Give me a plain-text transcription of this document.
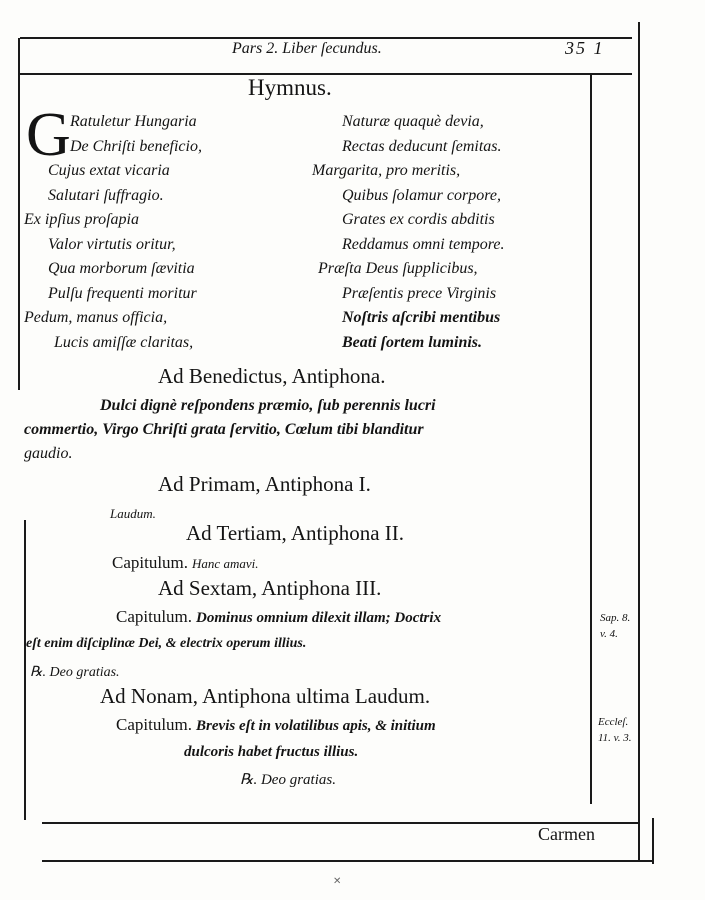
Pars 2. Liber ſecundus.	35 1
Hymnus.
G Ratuletur Hungaria
De Chriſti beneficio,
Cujus extat vicaria
Salutari ſuffragio.
Ex ipſius proſapia
Valor virtutis oritur,
Qua morborum ſævitia
Pulſu frequenti moritur
Pedum, manus officia,
Lucis amiſſæ claritas,
Naturæ quaquè devia,
Rectas deducunt ſemitas.
Margarita, pro meritis,
Quibus ſolamur corpore,
Grates ex cordis abditis
Reddamus omni tempore.
Præſta Deus ſupplicibus,
Præſentis prece Virginis
Noſtris aſcribi mentibus
Beati ſortem luminis.
Ad Benedictus, Antiphona.
Dulci dignè reſpondens præmio, ſub perennis lucri
commertio, Virgo Chriſti grata ſervitio, Cœlum tibi blanditur
gaudio.
Ad Primam, Antiphona I.
Laudum.
Ad Tertiam, Antiphona II.
Capitulum. Hanc amavi.
Ad Sextam, Antiphona III.
Capitulum. Dominus omnium dilexit illam; Doctrix
eſt enim diſciplinæ Dei, & electrix operum illius.
℞. Deo gratias.
Sap. 8.
v. 4.
Ad Nonam, Antiphona ultima Laudum.
Capitulum. Brevis eſt in volatilibus apis, & initium
dulcoris habet fructus illius.
℞. Deo gratias.
Eccleſ.
11. v. 3.
Carmen
✕
